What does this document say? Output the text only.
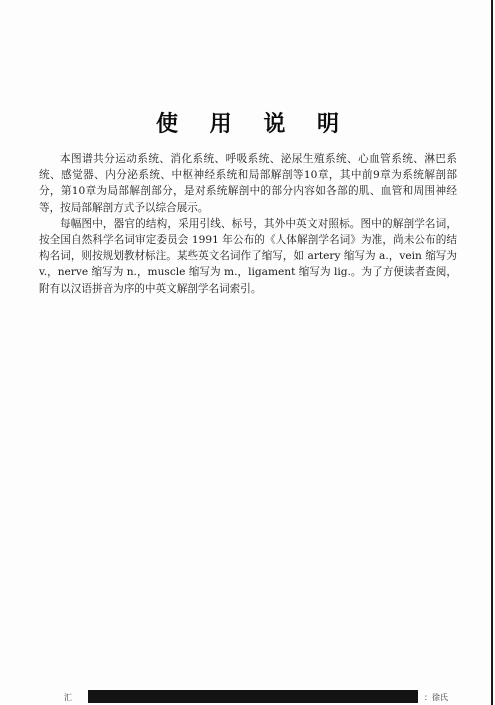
使 用 说 明

本图谱共分运动系统、消化系统、呼吸系统、泌尿生殖系统、心血管系统、淋巴系统、感觉器、内分泌系统、中枢神经系统和局部解剖等10章，其中前9章为系统解剖部分，第10章为局部解剖部分，是对系统解剖中的部分内容如各部的肌、血管和周围神经等，按局部解剖方式予以综合展示。

每幅图中，器官的结构，采用引线、标号，其外中英文对照标。图中的解剖学名词，按全国自然科学名词审定委员会 1991 年公布的《人体解剖学名词》为准，尚未公布的结构名词，则按规划教材标注。某些英文名词作了缩写，如 artery 缩写为 a.，vein 缩写为 v.，nerve 缩写为 n.，muscle 缩写为 m.，ligament 缩写为 lig.。为了方便读者查阅，附有以汉语拼音为序的中英文解剖学名词索引。

汇	：徐氏
